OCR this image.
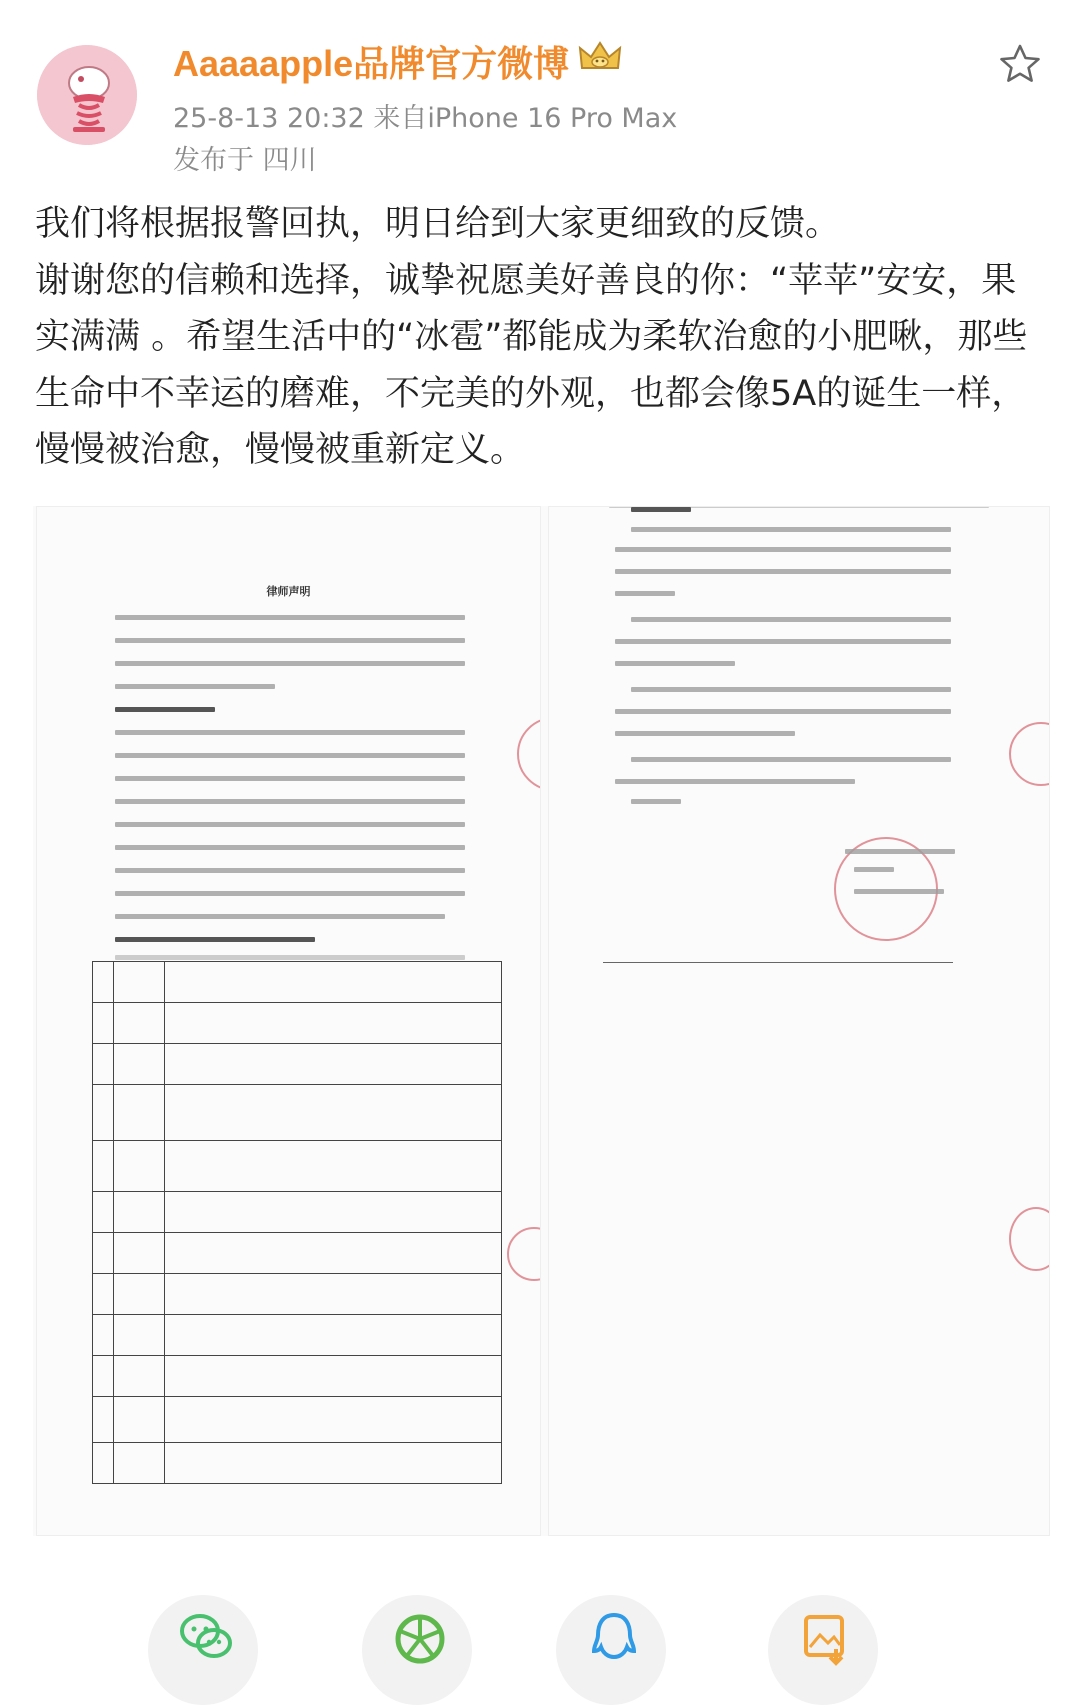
Aaaaapple品牌官方微博
25-8-13 20:32 来自iPhone 16 Pro Max
发布于 四川

我们将根据报警回执，明日给到大家更细致的反馈。

谢谢您的信赖和选择，诚挚祝愿美好善良的你：“苹苹”安安，果实满满 。希望生活中的“冰雹”都能成为柔软治愈的小肥啾，那些生命中不幸运的磨难，不完美的外观，也都会像5A的诞生一样，慢慢被治愈，慢慢被重新定义。

律师声明
